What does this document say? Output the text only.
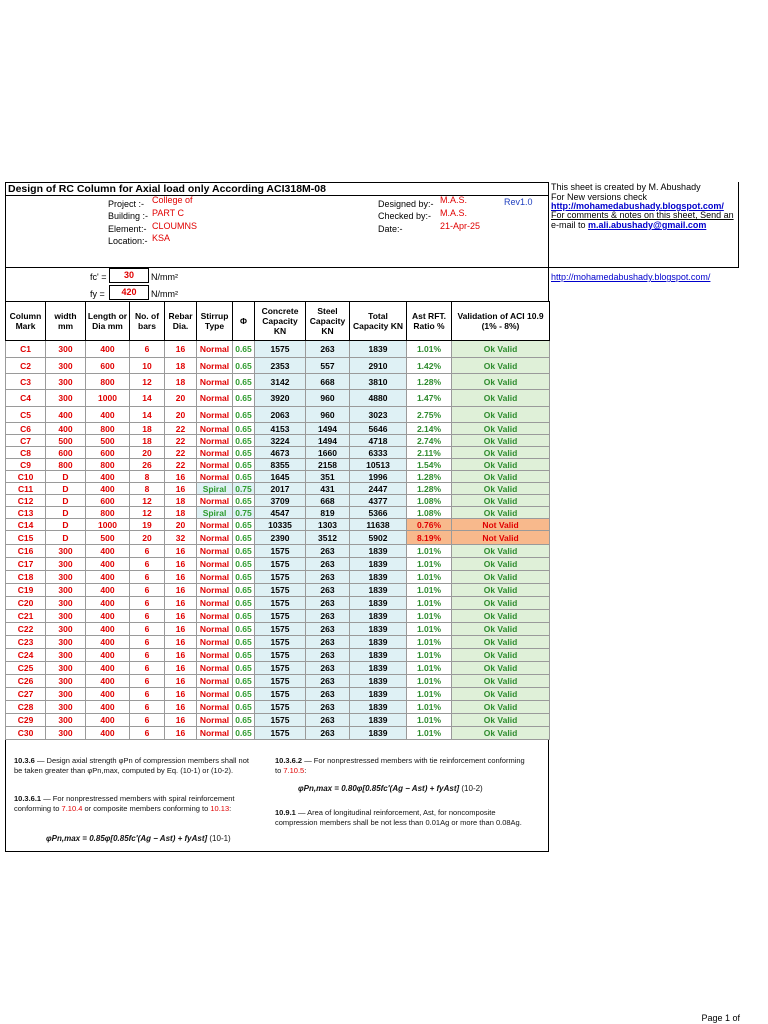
Design of RC Column for Axial load only According ACI318M-08
Project :- College of
Building :- PART C
Element:- CLOUMNS
Location:- KSA
Designed by:- M.A.S.	Rev1.0
Checked by:- M.A.S.
Date:-	21-Apr-25
This sheet is created by M. Abushady
For New versions check
http://mohamedabushady.blogspot.com/
For comments & notes on this sheet, Send an
e-mail to m.ali.abushady@gmail.com
http://mohamedabushady.blogspot.com/
fc' =	30	N/mm²
fy =	420	N/mm²
Column Mark	width mm	Length or Dia mm	No. of bars	Rebar Dia.	Stirrup Type	Φ	Concrete Capacity KN	Steel Capacity KN	Total Capacity KN	Ast RFT. Ratio %	Validation of ACI 10.9 (1% - 8%)
C1	300	400	6	16	Normal	0.65	1575	263	1839	1.01%	Ok Valid
C2	300	600	10	18	Normal	0.65	2353	557	2910	1.42%	Ok Valid
C3	300	800	12	18	Normal	0.65	3142	668	3810	1.28%	Ok Valid
C4	300	1000	14	20	Normal	0.65	3920	960	4880	1.47%	Ok Valid
C5	400	400	14	20	Normal	0.65	2063	960	3023	2.75%	Ok Valid
C6	400	800	18	22	Normal	0.65	4153	1494	5646	2.14%	Ok Valid
C7	500	500	18	22	Normal	0.65	3224	1494	4718	2.74%	Ok Valid
C8	600	600	20	22	Normal	0.65	4673	1660	6333	2.11%	Ok Valid
C9	800	800	26	22	Normal	0.65	8355	2158	10513	1.54%	Ok Valid
C10	D	400	8	16	Normal	0.65	1645	351	1996	1.28%	Ok Valid
C11	D	400	8	16	Spiral	0.75	2017	431	2447	1.28%	Ok Valid
C12	D	600	12	18	Normal	0.65	3709	668	4377	1.08%	Ok Valid
C13	D	800	12	18	Spiral	0.75	4547	819	5366	1.08%	Ok Valid
C14	D	1000	19	20	Normal	0.65	10335	1303	11638	0.76%	Not Valid
C15	D	500	20	32	Normal	0.65	2390	3512	5902	8.19%	Not Valid
C16	300	400	6	16	Normal	0.65	1575	263	1839	1.01%	Ok Valid
C17	300	400	6	16	Normal	0.65	1575	263	1839	1.01%	Ok Valid
C18	300	400	6	16	Normal	0.65	1575	263	1839	1.01%	Ok Valid
C19	300	400	6	16	Normal	0.65	1575	263	1839	1.01%	Ok Valid
C20	300	400	6	16	Normal	0.65	1575	263	1839	1.01%	Ok Valid
C21	300	400	6	16	Normal	0.65	1575	263	1839	1.01%	Ok Valid
C22	300	400	6	16	Normal	0.65	1575	263	1839	1.01%	Ok Valid
C23	300	400	6	16	Normal	0.65	1575	263	1839	1.01%	Ok Valid
C24	300	400	6	16	Normal	0.65	1575	263	1839	1.01%	Ok Valid
C25	300	400	6	16	Normal	0.65	1575	263	1839	1.01%	Ok Valid
C26	300	400	6	16	Normal	0.65	1575	263	1839	1.01%	Ok Valid
C27	300	400	6	16	Normal	0.65	1575	263	1839	1.01%	Ok Valid
C28	300	400	6	16	Normal	0.65	1575	263	1839	1.01%	Ok Valid
C29	300	400	6	16	Normal	0.65	1575	263	1839	1.01%	Ok Valid
C30	300	400	6	16	Normal	0.65	1575	263	1839	1.01%	Ok Valid
10.3.6 — Design axial strength φPn of compression members shall not be taken greater than φPn,max, computed by Eq. (10-1) or (10-2).
10.3.6.1 — For nonprestressed members with spiral reinforcement conforming to 7.10.4 or composite members conforming to 10.13:
φPn,max = 0.85φ[0.85fc'(Ag − Ast) + fyAst] (10-1)
10.3.6.2 — For nonprestressed members with tie reinforcement conforming to 7.10.5:
φPn,max = 0.80φ[0.85fc'(Ag − Ast) + fyAst] (10-2)
10.9.1 — Area of longitudinal reinforcement, Ast, for noncomposite compression members shall be not less than 0.01Ag or more than 0.08Ag.
Page 1 of
